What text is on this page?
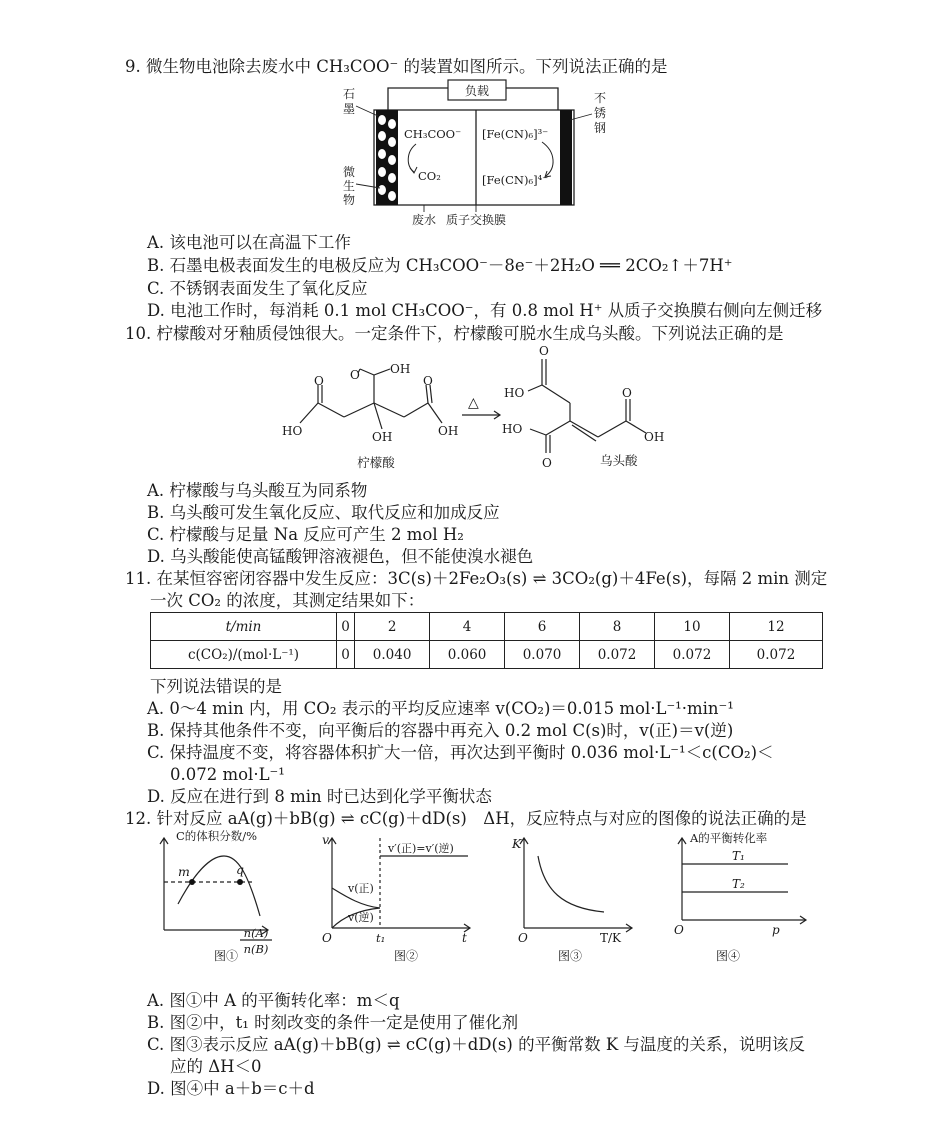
9. 微生物电池除去废水中 CH₃COO⁻ 的装置如图所示。下列说法正确的是
负载
石
墨
不
锈
钢
微
生
物
CH₃COO⁻
CO₂
[Fe(CN)₆]³⁻
[Fe(CN)₆]⁴⁻
废水 质子交换膜
A. 该电池可以在高温下工作
B. 石墨电极表面发生的电极反应为 CH₃COO⁻－8e⁻＋2H₂O ══ 2CO₂↑＋7H⁺
C. 不锈钢表面发生了氧化反应
D. 电池工作时，每消耗 0.1 mol CH₃COO⁻，有 0.8 mol H⁺ 从质子交换膜右侧向左侧迁移
10. 柠檬酸对牙釉质侵蚀很大。一定条件下，柠檬酸可脱水生成乌头酸。下列说法正确的是
△
O	OH
O
HO
O
OH
OH
柠檬酸
O
HO
HO
O
O
OH
乌头酸
A. 柠檬酸与乌头酸互为同系物
B. 乌头酸可发生氧化反应、取代反应和加成反应
C. 柠檬酸与足量 Na 反应可产生 2 mol H₂
D. 乌头酸能使高锰酸钾溶液褪色，但不能使溴水褪色
11. 在某恒容密闭容器中发生反应：3C(s)＋2Fe₂O₃(s) ⇌ 3CO₂(g)＋4Fe(s)，每隔 2 min 测定
一次 CO₂ 的浓度，其测定结果如下：
t/min	0	2	4	6	8	10	12
c(CO₂)/(mol·L⁻¹)	0	0.040	0.060	0.070	0.072	0.072	0.072
下列说法错误的是
A. 0～4 min 内，用 CO₂ 表示的平均反应速率 v(CO₂)＝0.015 mol·L⁻¹·min⁻¹
B. 保持其他条件不变，向平衡后的容器中再充入 0.2 mol C(s)时，v(正)＝v(逆)
C. 保持温度不变，将容器体积扩大一倍，再次达到平衡时 0.036 mol·L⁻¹＜c(CO₂)＜
0.072 mol·L⁻¹
D. 反应在进行到 8 min 时已达到化学平衡状态
12. 针对反应 aA(g)＋bB(g) ⇌ cC(g)＋dD(s)　ΔH，反应特点与对应的图像的说法正确的是
C的体积分数/%
m	q
n(A)
n(B)
图①
v
v′(正)=v′(逆)
v(正)
v(逆)
O	t₁	t
图②
K
O	T/K
图③
A的平衡转化率
T₁
T₂
O	p
图④
A. 图①中 A 的平衡转化率：m＜q
B. 图②中，t₁ 时刻改变的条件一定是使用了催化剂
C. 图③表示反应 aA(g)＋bB(g) ⇌ cC(g)＋dD(s) 的平衡常数 K 与温度的关系，说明该反
应的 ΔH＜0
D. 图④中 a＋b＝c＋d
